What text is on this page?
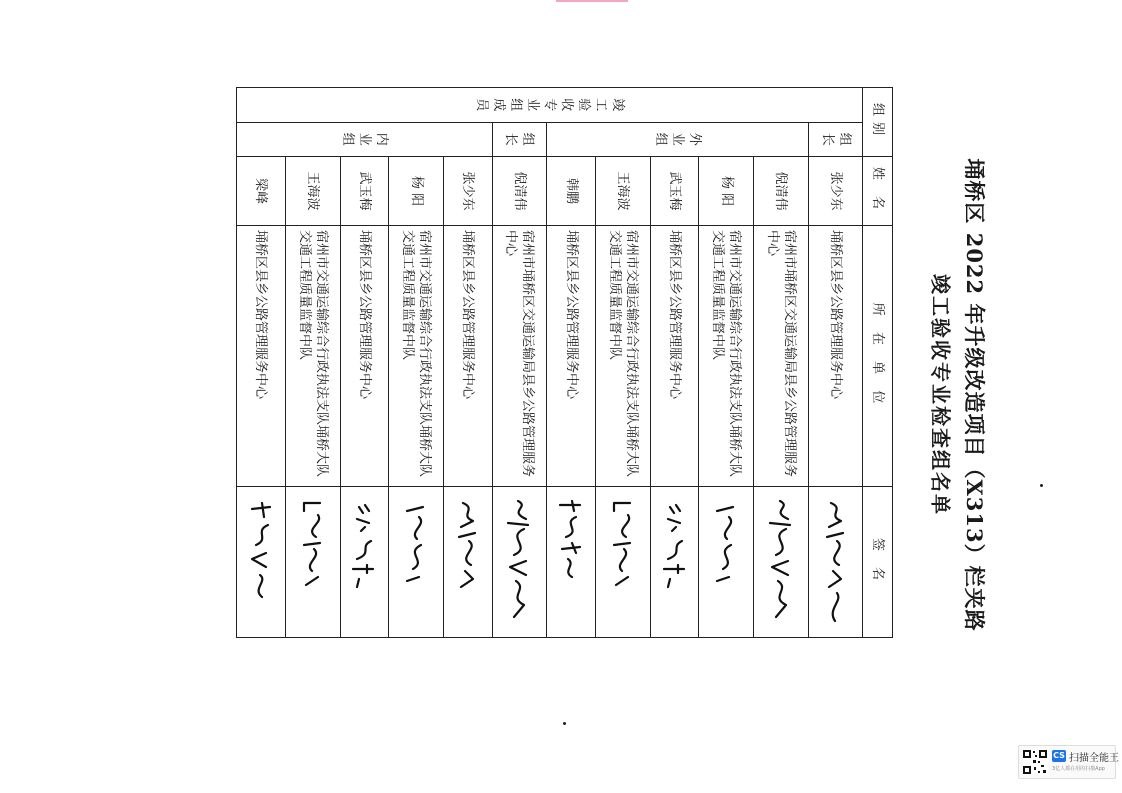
埇桥区 2022 年升级改造项目（X313）栏夹路
竣工验收专业检查组名单
组别		姓 名	所 在 单 位	签 名
竣工验收专业组成员	组长	张少东	埇桥区县乡公路管理服务中心	

	外业组	倪清伟	宿州市埇桥区交通运输局县乡公路管理服务中心	

		杨 阳	宿州市交通运输综合行政执法支队埇桥大队交通工程质量监督中队	

		武玉梅	埇桥区县乡公路管理服务中心	

		王海波	宿州市交通运输综合行政执法支队埇桥大队交通工程质量监督中队	

		韩鹏	埇桥区县乡公路管理服务中心	

	组长	倪清伟	宿州市埇桥区交通运输局县乡公路管理服务中心	

	内业组	张少东	埇桥区县乡公路管理服务中心	

		杨 阳	宿州市交通运输综合行政执法支队埇桥大队交通工程质量监督中队	

		武玉梅	埇桥区县乡公路管理服务中心	

		王海波	宿州市交通运输综合行政执法支队埇桥大队交通工程质量监督中队	

		梁峰	埇桥区县乡公路管理服务中心	
CS 扫描全能王
3亿人都在用的扫描App
